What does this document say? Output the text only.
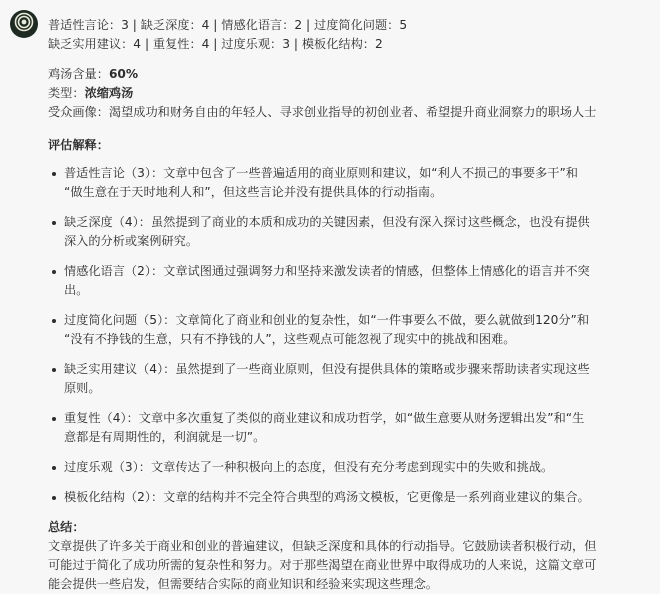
普适性言论：3 | 缺乏深度：4 | 情感化语言：2 | 过度简化问题：5
缺乏实用建议：4 | 重复性：4 | 过度乐观：3 | 模板化结构：2
鸡汤含量：60%
类型：浓缩鸡汤
受众画像：渴望成功和财务自由的年轻人、寻求创业指导的初创业者、希望提升商业洞察力的职场人士
评估解释：
普适性言论（3）：文章中包含了一些普遍适用的商业原则和建议，如“利人不损己的事要多干”和
“做生意在于天时地利人和”，但这些言论并没有提供具体的行动指南。
缺乏深度（4）：虽然提到了商业的本质和成功的关键因素，但没有深入探讨这些概念，也没有提供
深入的分析或案例研究。
情感化语言（2）：文章试图通过强调努力和坚持来激发读者的情感，但整体上情感化的语言并不突
出。
过度简化问题（5）：文章简化了商业和创业的复杂性，如“一件事要么不做，要么就做到120分”和
“没有不挣钱的生意，只有不挣钱的人”，这些观点可能忽视了现实中的挑战和困难。
缺乏实用建议（4）：虽然提到了一些商业原则，但没有提供具体的策略或步骤来帮助读者实现这些
原则。
重复性（4）：文章中多次重复了类似的商业建议和成功哲学，如“做生意要从财务逻辑出发”和“生
意都是有周期性的，利润就是一切”。
过度乐观（3）：文章传达了一种积极向上的态度，但没有充分考虑到现实中的失败和挑战。
模板化结构（2）：文章的结构并不完全符合典型的鸡汤文模板，它更像是一系列商业建议的集合。
总结：
文章提供了许多关于商业和创业的普遍建议，但缺乏深度和具体的行动指导。它鼓励读者积极行动，但
可能过于简化了成功所需的复杂性和努力。对于那些渴望在商业世界中取得成功的人来说，这篇文章可
能会提供一些启发，但需要结合实际的商业知识和经验来实现这些理念。
